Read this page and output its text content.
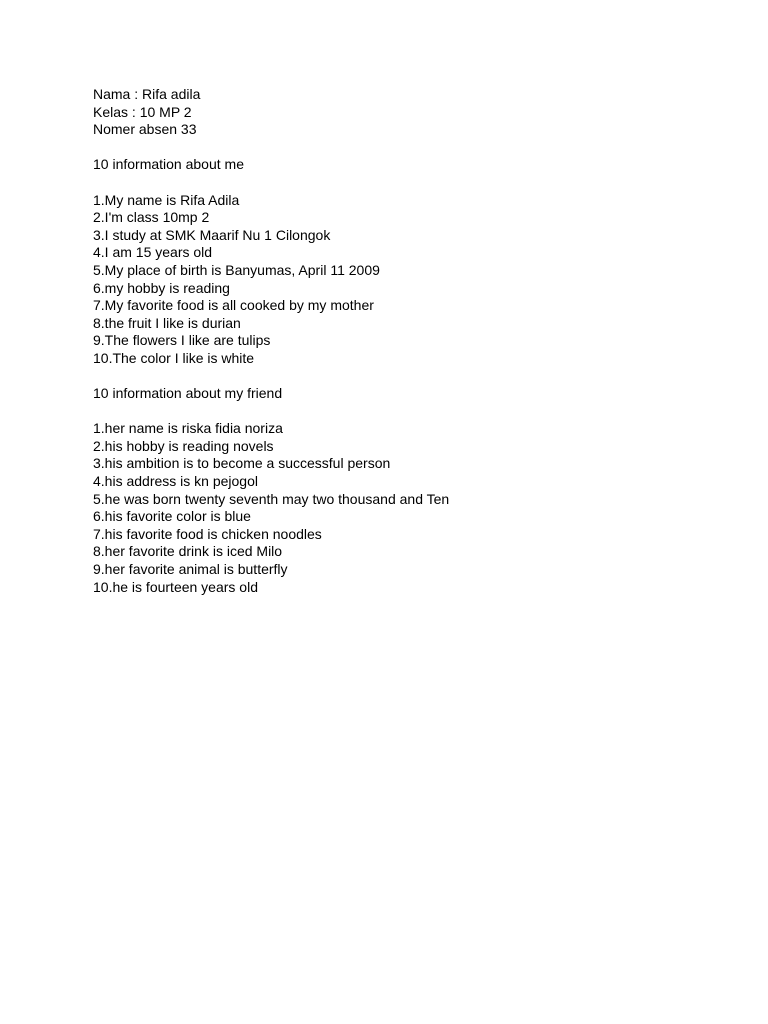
Nama : Rifa adila
Kelas : 10 MP 2
Nomer absen 33
10 information about me
1.My name is Rifa Adila
2.I'm class 10mp 2
3.I study at SMK Maarif Nu 1 Cilongok
4.I am 15 years old
5.My place of birth is Banyumas, April 11 2009
6.my hobby is reading
7.My favorite food is all cooked by my mother
8.the fruit I like is durian
9.The flowers I like are tulips
10.The color I like is white
10 information about my friend
1.her name is riska fidia noriza
2.his hobby is reading novels
3.his ambition is to become a successful person
4.his address is kn pejogol
5.he was born twenty seventh may two thousand and Ten
6.his favorite color is blue
7.his favorite food is chicken noodles
8.her favorite drink is iced Milo
9.her favorite animal is butterfly
10.he is fourteen years old
